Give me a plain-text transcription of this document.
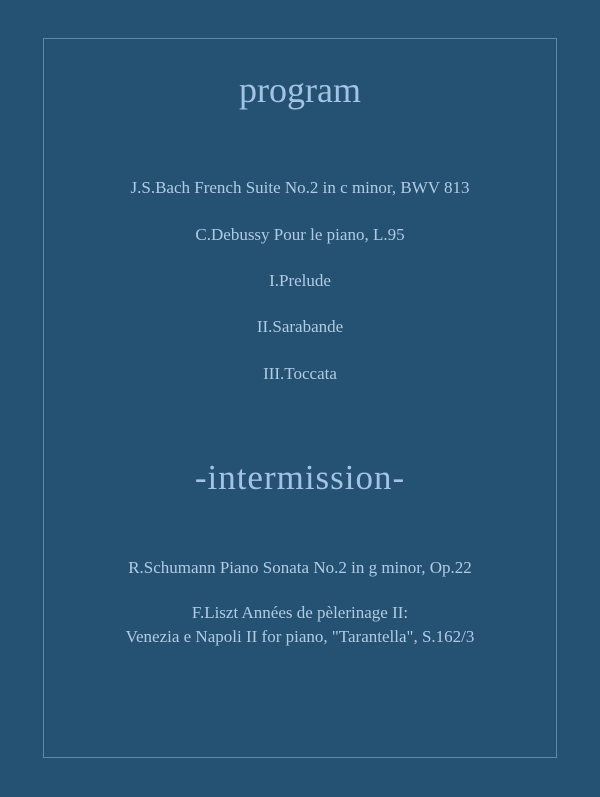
program
J.S.Bach French Suite No.2 in c minor, BWV 813
C.Debussy Pour le piano, L.95
I.Prelude
II.Sarabande
III.Toccata
-intermission-
R.Schumann Piano Sonata No.2 in g minor, Op.22
F.Liszt Années de pèlerinage II:
Venezia e Napoli II for piano, "Tarantella", S.162/3
